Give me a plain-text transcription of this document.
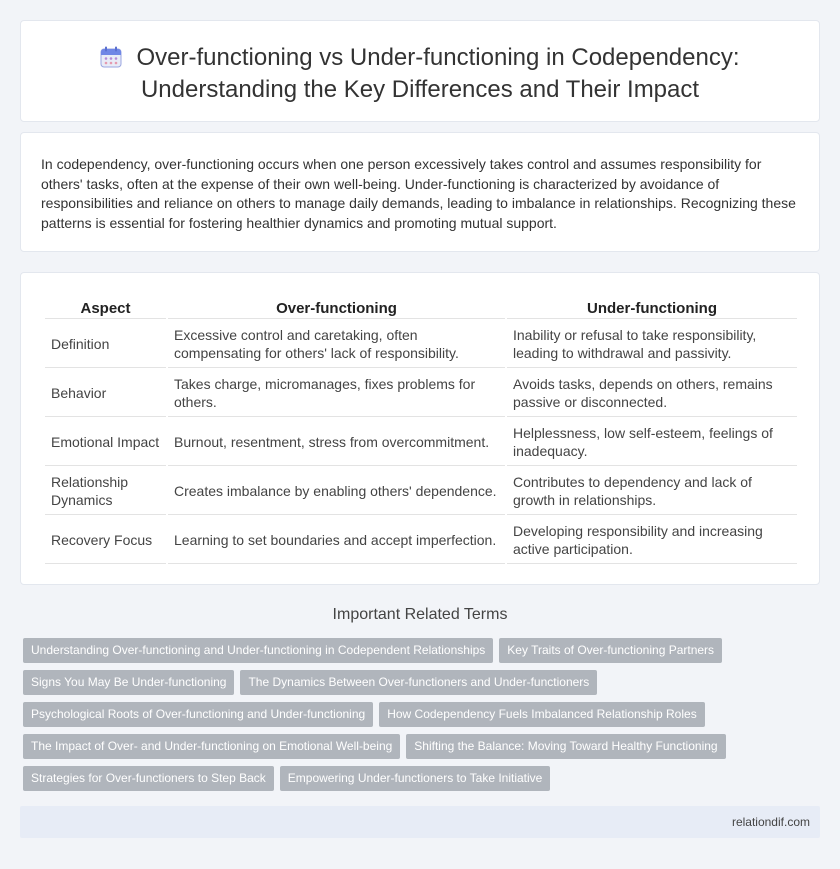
Over-functioning vs Under-functioning in Codependency:
Understanding the Key Differences and Their Impact

In codependency, over-functioning occurs when one person excessively takes control and assumes responsibility for others' tasks, often at the expense of their own well-being. Under-functioning is characterized by avoidance of responsibilities and reliance on others to manage daily demands, leading to imbalance in relationships. Recognizing these patterns is essential for fostering healthier dynamics and promoting mutual support.

Aspect	Over-functioning	Under-functioning
Definition	Excessive control and caretaking, often compensating for others' lack of responsibility.	Inability or refusal to take responsibility, leading to withdrawal and passivity.
Behavior	Takes charge, micromanages, fixes problems for others.	Avoids tasks, depends on others, remains passive or disconnected.
Emotional Impact	Burnout, resentment, stress from overcommitment.	Helplessness, low self-esteem, feelings of inadequacy.
Relationship Dynamics	Creates imbalance by enabling others' dependence.	Contributes to dependency and lack of growth in relationships.
Recovery Focus	Learning to set boundaries and accept imperfection.	Developing responsibility and increasing active participation.
Important Related Terms
Understanding Over-functioning and Under-functioning in Codependent Relationships Key Traits of Over-functioning Partners
Signs You May Be Under-functioning The Dynamics Between Over-functioners and Under-functioners
Psychological Roots of Over-functioning and Under-functioning How Codependency Fuels Imbalanced Relationship Roles
The Impact of Over- and Under-functioning on Emotional Well-being Shifting the Balance: Moving Toward Healthy Functioning
Strategies for Over-functioners to Step Back Empowering Under-functioners to Take Initiative
relationdif.com
